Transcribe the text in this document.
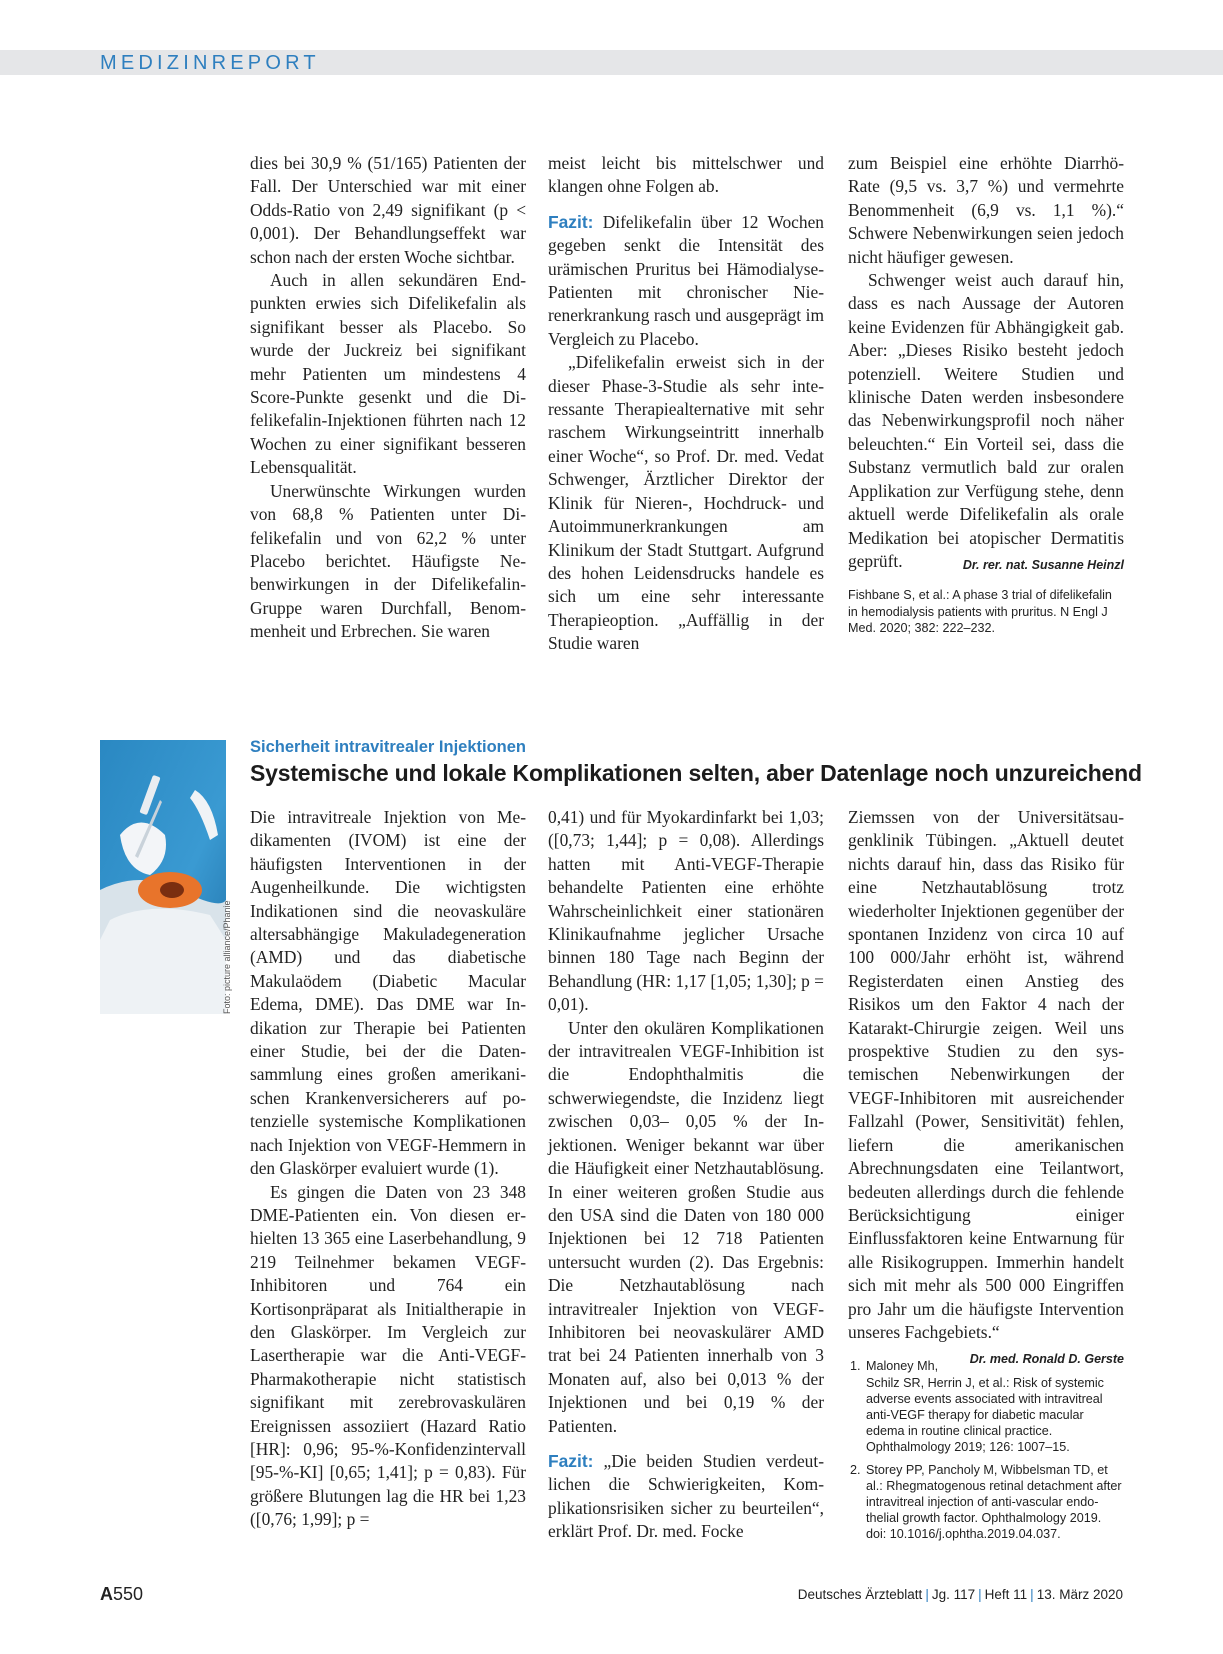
MEDIZINREPORT

dies bei 30,9 % (51/165) Patienten der Fall. Der Unterschied war mit einer Odds-Ratio von 2,49 signifikant (p < 0,001). Der Behandlungseffekt war schon nach der ersten Woche sichtbar.

Auch in allen sekundären Endpunkten erwies sich Difelikefalin als signifikant besser als Placebo. So wurde der Juckreiz bei signifikant mehr Patienten um mindestens 4 Score-Punkte gesenkt und die Difelikefalin-Injektionen führten nach 12 Wochen zu einer signifikant besseren Lebensqualität.

Unerwünschte Wirkungen wurden von 68,8 % Patienten unter Difelikefalin und von 62,2 % unter Placebo berichtet. Häufigste Nebenwirkungen in der Difelikefalin-Gruppe waren Durchfall, Benommenheit und Erbrechen. Sie waren

meist leicht bis mittelschwer und klangen ohne Folgen ab.

Fazit: Difelikefalin über 12 Wochen gegeben senkt die Intensität des urämischen Pruritus bei Hämodialyse-Patienten mit chronischer Nierenerkrankung rasch und ausgeprägt im Vergleich zu Placebo.

„Difelikefalin erweist sich in der dieser Phase-3-Studie als sehr interessante Therapiealternative mit sehr raschem Wirkungseintritt innerhalb einer Woche“, so Prof. Dr. med. Vedat Schwenger, Ärztlicher Direktor der Klinik für Nieren-, Hochdruck- und Autoimmunerkrankungen am Klinikum der Stadt Stuttgart. Aufgrund des hohen Leidensdrucks handele es sich um eine sehr interessante Therapieoption. „Auffällig in der Studie waren

zum Beispiel eine erhöhte Diarrhö-Rate (9,5 vs. 3,7 %) und vermehrte Benommenheit (6,9 vs. 1,1 %).“ Schwere Nebenwirkungen seien jedoch nicht häufiger gewesen.

Schwenger weist auch darauf hin, dass es nach Aussage der Autoren keine Evidenzen für Abhängigkeit gab. Aber: „Dieses Risiko besteht jedoch potenziell. Weitere Studien und klinische Daten werden insbesondere das Nebenwirkungsprofil noch näher beleuchten.“ Ein Vorteil sei, dass die Substanz vermutlich bald zur oralen Applikation zur Verfügung stehe, denn aktuell werde Difelikefalin als orale Medikation bei atopischer Dermatitis geprüft.	Dr. rer. nat. Susanne Heinzl

Fishbane S, et al.: A phase 3 trial of difelikefalin in hemodialysis patients with pruritus. N Engl J Med. 2020; 382: 222–232.
Foto: picture alliance/Phanie
Sicherheit intravitrealer Injektionen
Systemische und lokale Komplikationen selten, aber Datenlage noch unzureichend

Die intravitreale Injektion von Medikamenten (IVOM) ist eine der häufigsten Interventionen in der Augenheilkunde. Die wichtigsten Indikationen sind die neovaskuläre altersabhängige Makuladegeneration (AMD) und das diabetische Makulaödem (Diabetic Macular Edema, DME). Das DME war Indikation zur Therapie bei Patienten einer Studie, bei der die Datensammlung eines großen amerikanischen Krankenversicherers auf potenzielle systemische Komplikationen nach Injektion von VEGF-Hemmern in den Glaskörper evaluiert wurde (1).

Es gingen die Daten von 23 348 DME-Patienten ein. Von diesen erhielten 13 365 eine Laserbehandlung, 9 219 Teilnehmer bekamen VEGF-Inhibitoren und 764 ein Kortisonpräparat als Initialtherapie in den Glaskörper. Im Vergleich zur Lasertherapie war die Anti-VEGF-Pharmakotherapie nicht statistisch signifikant mit zerebrovaskulären Ereignissen assoziiert (Hazard Ratio [HR]: 0,96; 95-%-Konfidenzintervall [95-%-KI] [0,65; 1,41]; p = 0,83). Für größere Blutungen lag die HR bei 1,23 ([0,76; 1,99]; p =

0,41) und für Myokardinfarkt bei 1,03; ([0,73; 1,44]; p = 0,08). Allerdings hatten mit Anti-VEGF-Therapie behandelte Patienten eine erhöhte Wahrscheinlichkeit einer stationären Klinikaufnahme jeglicher Ursache binnen 180 Tage nach Beginn der Behandlung (HR: 1,17 [1,05; 1,30]; p = 0,01).

Unter den okulären Komplikationen der intravitrealen VEGF-Inhibition ist die Endophthalmitis die schwerwiegendste, die Inzidenz liegt zwischen 0,03– 0,05 % der Injektionen. Weniger bekannt war über die Häufigkeit einer Netzhautablösung. In einer weiteren großen Studie aus den USA sind die Daten von 180 000 Injektionen bei 12 718 Patienten untersucht wurden (2). Das Ergebnis: Die Netzhautablösung nach intravitrealer Injektion von VEGF-Inhibitoren bei neovaskulärer AMD trat bei 24 Patienten innerhalb von 3 Monaten auf, also bei 0,013 % der Injektionen und bei 0,19 % der Patienten.

Fazit: „Die beiden Studien verdeutlichen die Schwierigkeiten, Komplikationsrisiken sicher zu beurteilen“, erklärt Prof. Dr. med. Focke

Ziemssen von der Universitätsaugenklinik Tübingen. „Aktuell deutet nichts darauf hin, dass das Risiko für eine Netzhautablösung trotz wiederholter Injektionen gegenüber der spontanen Inzidenz von circa 10 auf 100 000/Jahr erhöht ist, während Registerdaten einen Anstieg des Risikos um den Faktor 4 nach der Katarakt-Chirurgie zeigen. Weil uns prospektive Studien zu den systemischen Nebenwirkungen der VEGF-Inhibitoren mit ausreichender Fallzahl (Power, Sensitivität) fehlen, liefern die amerikanischen Abrechnungsdaten eine Teilantwort, bedeuten allerdings durch die fehlende Berücksichtigung einiger Einflussfaktoren keine Entwarnung für alle Risikogruppen. Immerhin handelt sich mit mehr als 500 000 Eingriffen pro Jahr um die häufigste Intervention unseres Fachgebiets.“
Dr. med. Ronald D. Gerste

1. Maloney Mh, Schilz SR, Herrin J, et al.: Risk of systemic adverse events associated with intravitreal anti-VEGF therapy for diabetic macular edema in routine clinical practice. Ophthalmology 2019; 126: 1007–15.
2. Storey PP, Pancholy M, Wibbelsman TD, et al.: Rhegmatogenous retinal detachment after intravitreal injection of anti-vascular endothelial growth factor. Ophthalmology 2019. doi: 10.1016/j.ophtha.2019.04.037.
A550	Deutsches Ärzteblatt | Jg. 117 | Heft 11 | 13. März 2020
